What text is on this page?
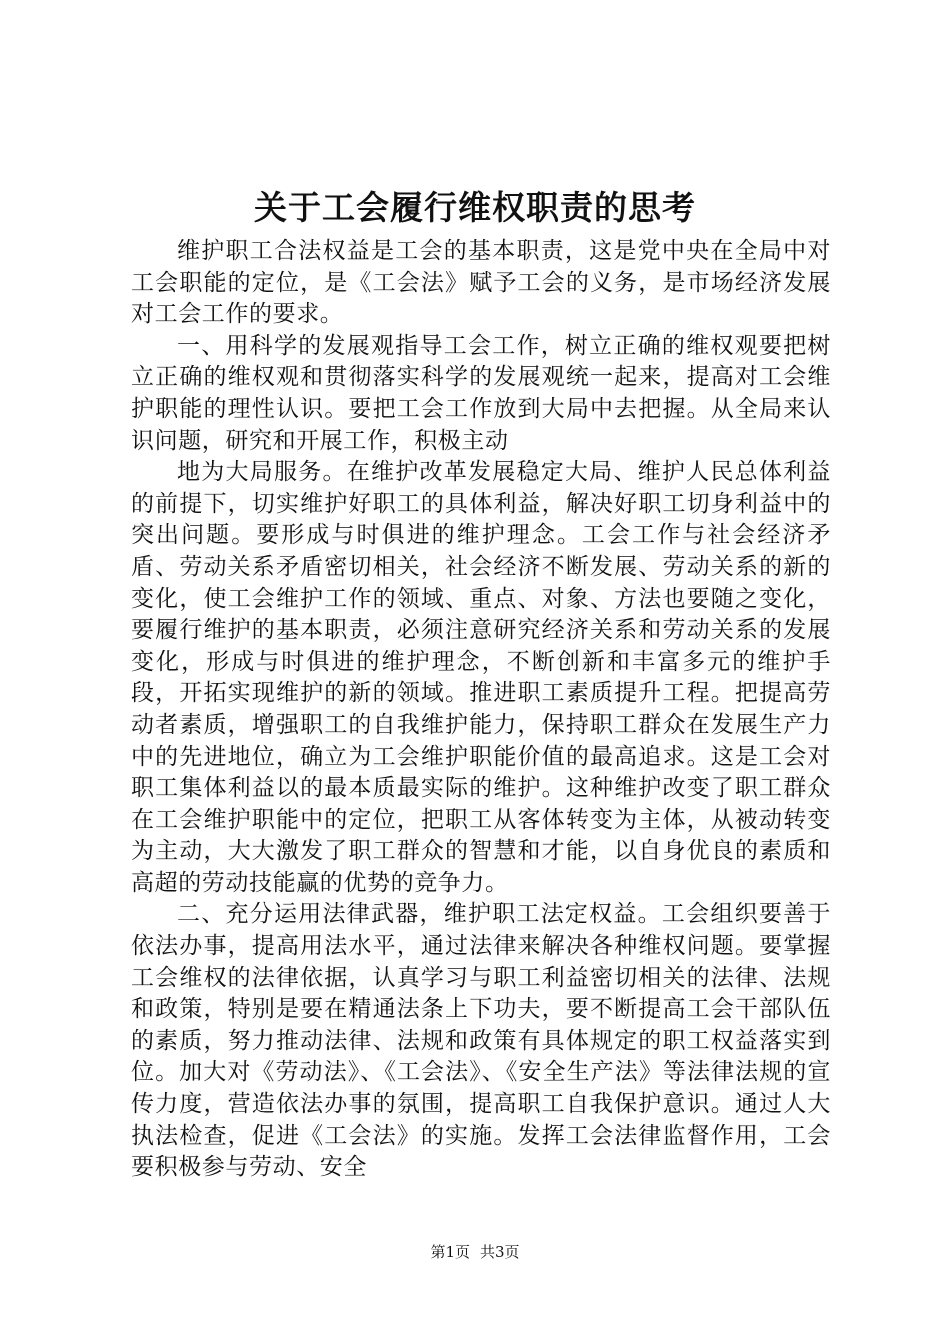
关于工会履行维权职责的思考

维护职工合法权益是工会的基本职责，这是党中央在全局中对工会职能的定位，是《工会法》赋予工会的义务，是市场经济发展对工会工作的要求。

一、用科学的发展观指导工会工作，树立正确的维权观要把树立正确的维权观和贯彻落实科学的发展观统一起来，提高对工会维护职能的理性认识。要把工会工作放到大局中去把握。从全局来认识问题，研究和开展工作，积极主动

地为大局服务。在维护改革发展稳定大局、维护人民总体利益的前提下，切实维护好职工的具体利益，解决好职工切身利益中的突出问题。要形成与时俱进的维护理念。工会工作与社会经济矛盾、劳动关系矛盾密切相关，社会经济不断发展、劳动关系的新的变化，使工会维护工作的领域、重点、对象、方法也要随之变化，要履行维护的基本职责，必须注意研究经济关系和劳动关系的发展变化，形成与时俱进的维护理念，不断创新和丰富多元的维护手段，开拓实现维护的新的领域。推进职工素质提升工程。把提高劳动者素质，增强职工的自我维护能力，保持职工群众在发展生产力中的先进地位，确立为工会维护职能价值的最高追求。这是工会对职工集体利益以的最本质最实际的维护。这种维护改变了职工群众在工会维护职能中的定位，把职工从客体转变为主体，从被动转变为主动，大大激发了职工群众的智慧和才能，以自身优良的素质和高超的劳动技能赢的优势的竞争力。

二、充分运用法律武器，维护职工法定权益。工会组织要善于依法办事，提高用法水平，通过法律来解决各种维权问题。要掌握工会维权的法律依据，认真学习与职工利益密切相关的法律、法规和政策，特别是要在精通法条上下功夫，要不断提高工会干部队伍的素质，努力推动法律、法规和政策有具体规定的职工权益落实到位。加大对《劳动法》、《工会法》、《安全生产法》等法律法规的宣传力度，营造依法办事的氛围，提高职工自我保护意识。通过人大执法检查，促进《工会法》的实施。发挥工会法律监督作用，工会要积极参与劳动、安全

第1页 共3页
